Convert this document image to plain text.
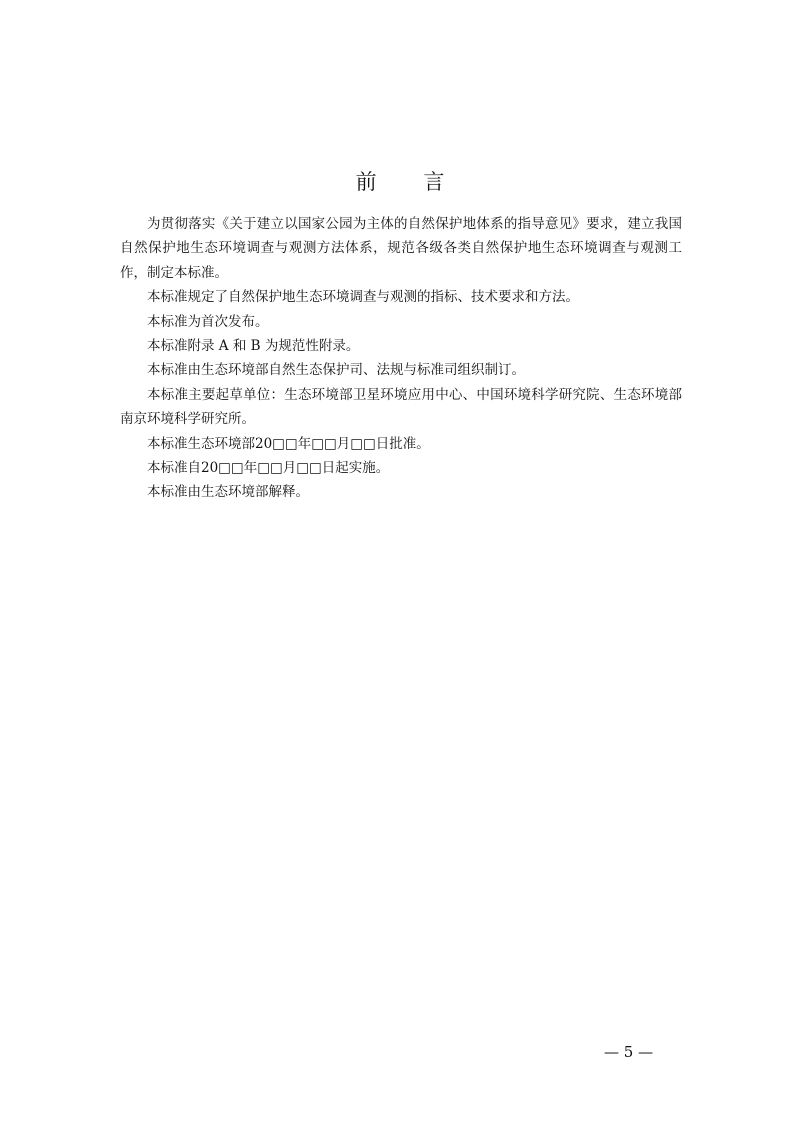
前 言

为贯彻落实《关于建立以国家公园为主体的自然保护地体系的指导意见》要求，建立我国自然保护地生态环境调查与观测方法体系，规范各级各类自然保护地生态环境调查与观测工作，制定本标准。

本标准规定了自然保护地生态环境调查与观测的指标、技术要求和方法。

本标准为首次发布。

本标准附录 A 和 B 为规范性附录。

本标准由生态环境部自然生态保护司、法规与标准司组织制订。

本标准主要起草单位：生态环境部卫星环境应用中心、中国环境科学研究院、生态环境部南京环境科学研究所。

本标准生态环境部20□□年□□月□□日批准。

本标准自20□□年□□月□□日起实施。

本标准由生态环境部解释。

— 5 —
